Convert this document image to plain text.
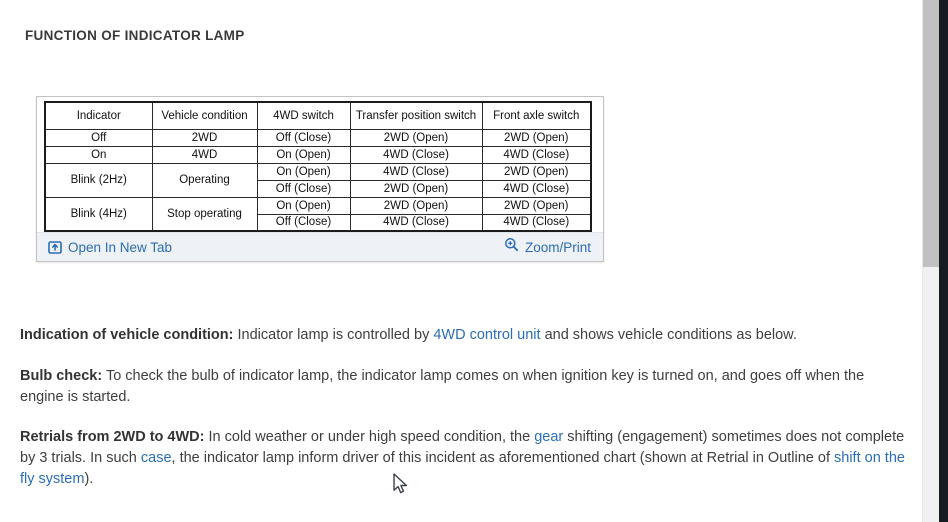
FUNCTION OF INDICATOR LAMP
Indicator	Vehicle condition	4WD switch	Transfer position switch	Front axle switch
Off	2WD	Off (Close)	2WD (Open)	2WD (Open)
On	4WD	On (Open)	4WD (Close)	4WD (Close)
Blink (2Hz)	Operating	On (Open)	4WD (Close)	2WD (Open)
		Off (Close)	2WD (Open)	4WD (Close)
Blink (4Hz)	Stop operating	On (Open)	2WD (Open)	2WD (Open)
		Off (Close)	4WD (Close)	4WD (Close)
Open In New Tab	Zoom/Print

Indication of vehicle condition: Indicator lamp is controlled by 4WD control unit and shows vehicle conditions as below.

Bulb check: To check the bulb of indicator lamp, the indicator lamp comes on when ignition key is turned on, and goes off when the engine is started.

Retrials from 2WD to 4WD: In cold weather or under high speed condition, the gear shifting (engagement) sometimes does not complete by 3 trials. In such case, the indicator lamp inform driver of this incident as aforementioned chart (shown at Retrial in Outline of shift on the fly system).
